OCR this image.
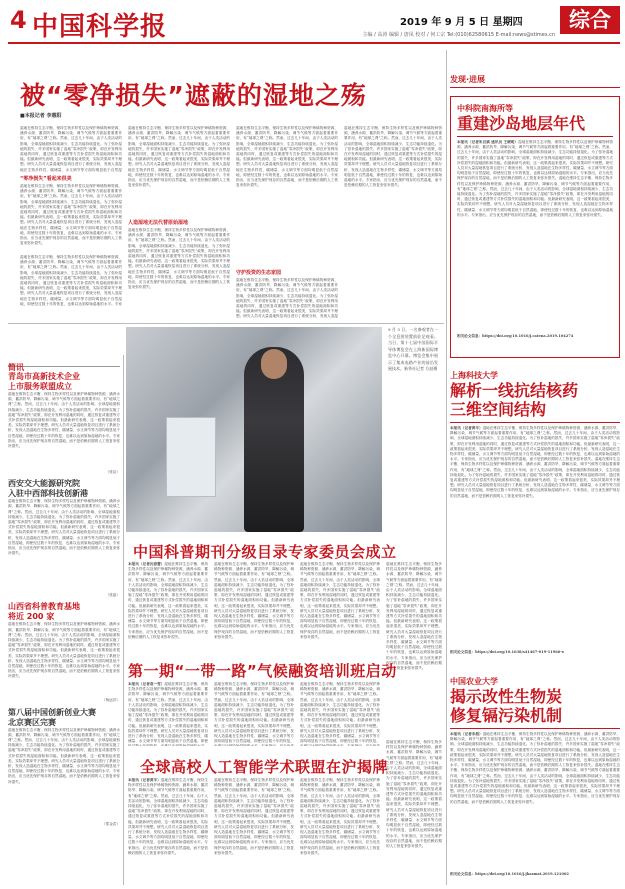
4 中国科学报	2019 年 9 月 5 日 星期四	综合
主编 / 高涛 编辑 / 唐凤 校对 / 何工宗 Tel:(010)62580615 E-mail:news@stimes.cn
被“零净损失”遮蔽的湿地之殇
■本报记者 李惠阳
湿地在维持生态平衡、保持生物多样性以及保护珍稀物种资源、涵养水源、蓄洪防旱、降解污染、调节气候等方面起着重要作用，有“地球之肾”之称。然而，过去几十年间，由于人类活动的影响，全球湿地面积持续减少，生态功能持续退化。为了弥补湿地的损失，许多国家实施了湿地“零净损失”政策，即在开发利用湿地的同时，通过恢复或重建等方式补偿损失的湿地面积和功能。但最新研究表明，这一政策看起来很美，实际效果却并不理想。研究人员对大量湿地恢复项目进行了系统分析，发现人造湿地在生物多样性、碳储量、水文调节等方面均明显低于自然湿
“零净损失”看起来很美
湿地在维持生态平衡、保持生物多样性以及保护珍稀物种资源、涵养水源、蓄洪防旱、降解污染、调节气候等方面起着重要作用，有“地球之肾”之称。然而，过去几十年间，由于人类活动的影响，全球湿地面积持续减少，生态功能持续退化。为了弥补湿地的损失，许多国家实施了湿地“零净损失”政策，即在开发利用湿地的同时，通过恢复或重建等方式补偿损失的湿地面积和功能。但最新研究表明，这一政策看起来很美，实际效果却并不理想。研究人员对大量湿地恢复项目进行了系统分析，发现人造湿地在生物多样性、碳储量、水文调节等方面均明显低于自然湿地，即使经过数十年的恢复，也难以达到原始湿地的水平。专家指出，应当优先保护现存的自然湿地，而不是依赖后期的人工恢复来弥补损失。
湿地在维持生态平衡、保持生物多样性以及保护珍稀物种资源、涵养水源、蓄洪防旱、降解污染、调节气候等方面起着重要作用，有“地球之肾”之称。然而，过去几十年间，由于人类活动的影响，全球湿地面积持续减少，生态功能持续退化。为了弥补湿地的损失，许多国家实施了湿地“零净损失”政策，即在开发利用湿地的同时，通过恢复或重建等方式补偿损失的湿地面积和功能。但最新研究表明，这一政策看起来很美，实际效果却并不理想。研究人员对大量湿地恢复项目进行了系统分析，发现人造湿地在生物多样性、碳储量、水文调节等方面均明显低于自然湿地，即使经过数十年的恢复，也难以达到原始湿地的水平。专家
湿地在维持生态平衡、保持生物多样性以及保护珍稀物种资源、涵养水源、蓄洪防旱、降解污染、调节气候等方面起着重要作用，有“地球之肾”之称。然而，过去几十年间，由于人类活动的影响，全球湿地面积持续减少，生态功能持续退化。为了弥补湿地的损失，许多国家实施了湿地“零净损失”政策，即在开发利用湿地的同时，通过恢复或重建等方式补偿损失的湿地面积和功能。但最新研究表明，这一政策看起来很美，实际效果却并不理想。研究人员对大量湿地恢复项目进行了系统分析，发现人造湿地在生物多样性、碳储量、水文调节等方面均明显低于自然湿地，即使经过数十年的恢复，也难以达到原始湿地的水平。专家指出，应当优先保护现存的自然湿地，而不是依赖后期的人工恢复来弥补损失。
人造湿地无法代替原始湿地
湿地在维持生态平衡、保持生物多样性以及保护珍稀物种资源、涵养水源、蓄洪防旱、降解污染、调节气候等方面起着重要作用，有“地球之肾”之称。然而，过去几十年间，由于人类活动的影响，全球湿地面积持续减少，生态功能持续退化。为了弥补湿地的损失，许多国家实施了湿地“零净损失”政策，即在开发利用湿地的同时，通过恢复或重建等方式补偿损失的湿地面积和功能。但最新研究表明，这一政策看起来很美，实际效果却并不理想。研究人员对大量湿地恢复项目进行了系统分析，发现人造湿地在生物多样性、碳储量、水文调节等方面均明显低于自然湿地，即使经过数十年的恢复，也难以达到原始湿地的水平。专家指出，应当优先保护现存的自然湿地，而不是依赖后期的人工恢复来弥补损失。
湿地在维持生态平衡、保持生物多样性以及保护珍稀物种资源、涵养水源、蓄洪防旱、降解污染、调节气候等方面起着重要作用，有“地球之肾”之称。然而，过去几十年间，由于人类活动的影响，全球湿地面积持续减少，生态功能持续退化。为了弥补湿地的损失，许多国家实施了湿地“零净损失”政策，即在开发利用湿地的同时，通过恢复或重建等方式补偿损失的湿地面积和功能。但最新研究表明，这一政策看起来很美，实际效果却并不理想。研究人员对大量湿地恢复项目进行了系统分析，发现人造湿地在生物多样性、碳储量、水文调节等方面均明显低于自然湿地，即使经过数十年的恢复，也难以达到原始湿地的水平。专家指出，应当优先保护现存的自然湿地，而不是依赖后期的人工恢复来弥补损失。
守护投资的生态家园
湿地在维持生态平衡、保持生物多样性以及保护珍稀物种资源、涵养水源、蓄洪防旱、降解污染、调节气候等方面起着重要作用，有“地球之肾”之称。然而，过去几十年间，由于人类活动的影响，全球湿地面积持续减少，生态功能持续退化。为了弥补湿地的损失，许多国家实施了湿地“零净损失”政策，即在开发利用湿地的同时，通过恢复或重建等方式补偿损失的湿地面积和功能。但最新研究表明，这一政策看起来很美，实际效果却并不理想。研究人员对大量湿地恢复项目进行了系统分析，发现人造湿
湿地在维持生态平衡、保持生物多样性以及保护珍稀物种资源、涵养水源、蓄洪防旱、降解污染、调节气候等方面起着重要作用，有“地球之肾”之称。然而，过去几十年间，由于人类活动的影响，全球湿地面积持续减少，生态功能持续退化。为了弥补湿地的损失，许多国家实施了湿地“零净损失”政策，即在开发利用湿地的同时，通过恢复或重建等方式补偿损失的湿地面积和功能。但最新研究表明，这一政策看起来很美，实际效果却并不理想。研究人员对大量湿地恢复项目进行了系统分析，发现人造湿地在生物多样性、碳储量、水文调节等方面均明显低于自然湿地，即使经过数十年的恢复，也难以达到原始湿地的水平。专家指出，应当优先保护现存的自然湿地，而不是依赖后期的人工恢复来弥补损失。
简讯
青岛市高新技术企业
上市服务联盟成立
湿地在维持生态平衡、保持生物多样性以及保护珍稀物种资源、涵养水源、蓄洪防旱、降解污染、调节气候等方面起着重要作用，有“地球之肾”之称。然而，过去几十年间，由于人类活动的影响，全球湿地面积持续减少，生态功能持续退化。为了弥补湿地的损失，许多国家实施了湿地“零净损失”政策，即在开发利用湿地的同时，通过恢复或重建等方式补偿损失的湿地面积和功能。但最新研究表明，这一政策看起来很美，实际效果却并不理想。研究人员对大量湿地恢复项目进行了系统分析，发现人造湿地在生物多样性、碳储量、水文调节等方面均明显低于自然湿地，即使经过数十年的恢复，也难以达到原始湿地的水平。专家指出，应当优先保护现存的自然湿地，而不是依赖后期的人工恢复来弥补损失。
（张洁）
西安交大能源研究院
入驻中西部科技创新港
湿地在维持生态平衡、保持生物多样性以及保护珍稀物种资源、涵养水源、蓄洪防旱、降解污染、调节气候等方面起着重要作用，有“地球之肾”之称。然而，过去几十年间，由于人类活动的影响，全球湿地面积持续减少，生态功能持续退化。为了弥补湿地的损失，许多国家实施了湿地“零净损失”政策，即在开发利用湿地的同时，通过恢复或重建等方式补偿损失的湿地面积和功能。但最新研究表明，这一政策看起来很美，实际效果却并不理想。研究人员对大量湿地恢复项目进行了系统分析，发现人造湿地在生物多样性、碳储量、水文调节等方面均明显低于自然湿地，即使经过数十年的恢复，也难以达到原始湿地的水平。专家指出，应当优先保护现存的自然湿地，而不是依赖后期的人工恢复来弥补损失。
（张晶）
山西省科普教育基地
将近 200 家
湿地在维持生态平衡、保持生物多样性以及保护珍稀物种资源、涵养水源、蓄洪防旱、降解污染、调节气候等方面起着重要作用，有“地球之肾”之称。然而，过去几十年间，由于人类活动的影响，全球湿地面积持续减少，生态功能持续退化。为了弥补湿地的损失，许多国家实施了湿地“零净损失”政策，即在开发利用湿地的同时，通过恢复或重建等方式补偿损失的湿地面积和功能。但最新研究表明，这一政策看起来很美，实际效果却并不理想。研究人员对大量湿地恢复项目进行了系统分析，发现人造湿地在生物多样性、碳储量、水文调节等方面均明显低于自然湿地，即使经过数十年的恢复，也难以达到原始湿地的水平。专家指出，应当优先保护现存的自然湿地，而不是依赖后期的人工恢复来弥补损失。
（杨远洋）
第八届中国创新创业大赛
北京赛区完赛
湿地在维持生态平衡、保持生物多样性以及保护珍稀物种资源、涵养水源、蓄洪防旱、降解污染、调节气候等方面起着重要作用，有“地球之肾”之称。然而，过去几十年间，由于人类活动的影响，全球湿地面积持续减少，生态功能持续退化。为了弥补湿地的损失，许多国家实施了湿地“零净损失”政策，即在开发利用湿地的同时，通过恢复或重建等方式补偿损失的湿地面积和功能。但最新研究表明，这一政策看起来很美，实际效果却并不理想。研究人员对大量湿地恢复项目进行了系统分析，发现人造湿地在生物多样性、碳储量、水文调节等方面均明显低于自然湿地，即使经过数十年的恢复，也难以达到原始湿地的水平。专家指出，应当优先保护现存的自然湿地，而不是依赖后期的人工恢复来弥补损失。
（郑金武）
9 月 3 日，一名参观者在一个全息图装置前驻足观看。当日，第十七届中国国际半导体博览会在上海新国际博览中心开幕。博览会集中展示了集成电路产业的前沿发展技术。新华社记者 方喆摄
中国科普期刊分级目录专家委员会成立
本报讯（记者沈春蕾）湿地在维持生态平衡、保持生物多样性以及保护珍稀物种资源、涵养水源、蓄洪防旱、降解污染、调节气候等方面起着重要作用，有“地球之肾”之称。然而，过去几十年间，由于人类活动的影响，全球湿地面积持续减少，生态功能持续退化。为了弥补湿地的损失，许多国家实施了湿地“零净损失”政策，即在开发利用湿地的同时，通过恢复或重建等方式补偿损失的湿地面积和功能。但最新研究表明，这一政策看起来很美，实际效果却并不理想。研究人员对大量湿地恢复项目进行了系统分析，发现人造湿地在生物多样性、碳储量、水文调节等方面均明显低于自然湿地，即使经过数十年的恢复，也难以达到原始湿地的水平。专家指出，应当优先保护现存的自然湿地，而不是依赖后期的人工恢复来弥补损失。
湿地在维持生态平衡、保持生物多样性以及保护珍稀物种资源、涵养水源、蓄洪防旱、降解污染、调节气候等方面起着重要作用，有“地球之肾”之称。然而，过去几十年间，由于人类活动的影响，全球湿地面积持续减少，生态功能持续退化。为了弥补湿地的损失，许多国家实施了湿地“零净损失”政策，即在开发利用湿地的同时，通过恢复或重建等方式补偿损失的湿地面积和功能。但最新研究表明，这一政策看起来很美，实际效果却并不理想。研究人员对大量湿地恢复项目进行了系统分析，发现人造湿地在生物多样性、碳储量、水文调节等方面均明显低于自然湿地，即使经过数十年的恢复，也难以达到原始湿地的水平。专家指出，应当优先保护现存的自然湿地，而不是依赖后期的人工恢复来弥补损失。
湿地在维持生态平衡、保持生物多样性以及保护珍稀物种资源、涵养水源、蓄洪防旱、降解污染、调节气候等方面起着重要作用，有“地球之肾”之称。然而，过去几十年间，由于人类活动的影响，全球湿地面积持续减少，生态功能持续退化。为了弥补湿地的损失，许多国家实施了湿地“零净损失”政策，即在开发利用湿地的同时，通过恢复或重建等方式补偿损失的湿地面积和功能。但最新研究表明，这一政策看起来很美，实际效果却并不理想。研究人员对大量湿地恢复项目进行了系统分析，发现人造湿地在生物多样性、碳储量、水文调节等方面均明显低于自然湿地，即使经过数十年的恢复，也难以达到原始湿地的水平。专家指出，应当优先保护现存的自然湿地，而不是依赖后期的人工恢复来弥补损失。
湿地在维持生态平衡、保持生物多样性以及保护珍稀物种资源、涵养水源、蓄洪防旱、降解污染、调节气候等方面起着重要作用，有“地球之肾”之称。然而，过去几十年间，由于人类活动的影响，全球湿地面积持续减少，生态功能持续退化。为了弥补湿地的损失，许多国家实施了湿地“零净损失”政策，即在开发利用湿地的同时，通过恢复或重建等方式补偿损失的湿地面积和功能。但最新研究表明，这一政策看起来很美，实际效果却并不理想。研究人员对大量湿地恢复项目进行了系统分析，发现人造湿地在生物多样性、碳储量、水文调节等方面均明显低于自然湿地，即使经过数十年的恢复，也难以达到原始湿地的水平。专家指出，应当优先保护现存的自然湿地，而不是依赖后期的人工恢复来弥补损失。
第一期“一带一路”气候融资培训班启动
本报讯（记者袁一雪）湿地在维持生态平衡、保持生物多样性以及保护珍稀物种资源、涵养水源、蓄洪防旱、降解污染、调节气候等方面起着重要作用，有“地球之肾”之称。然而，过去几十年间，由于人类活动的影响，全球湿地面积持续减少，生态功能持续退化。为了弥补湿地的损失，许多国家实施了湿地“零净损失”政策，即在开发利用湿地的同时，通过恢复或重建等方式补偿损失的湿地面积和功能。但最新研究表明，这一政策看起来很美，实际效果却并不理想。研究人员对大量湿地恢复项目进行了系统分析，发现人造湿地在生物多样性、碳储量、水文调节等方面均明显低于自然湿地，即使
湿地在维持生态平衡、保持生物多样性以及保护珍稀物种资源、涵养水源、蓄洪防旱、降解污染、调节气候等方面起着重要作用，有“地球之肾”之称。然而，过去几十年间，由于人类活动的影响，全球湿地面积持续减少，生态功能持续退化。为了弥补湿地的损失，许多国家实施了湿地“零净损失”政策，即在开发利用湿地的同时，通过恢复或重建等方式补偿损失的湿地面积和功能。但最新研究表明，这一政策看起来很美，实际效果却并不理想。研究人员对大量湿地恢复项目进行了系统分析，发现人造湿地在生物多样性、碳储量、水文调节等方面均明显低于自然湿地，即使经过数十年的恢复，
湿地在维持生态平衡、保持生物多样性以及保护珍稀物种资源、涵养水源、蓄洪防旱、降解污染、调节气候等方面起着重要作用，有“地球之肾”之称。然而，过去几十年间，由于人类活动的影响，全球湿地面积持续减少，生态功能持续退化。为了弥补湿地的损失，许多国家实施了湿地“零净损失”政策，即在开发利用湿地的同时，通过恢复或重建等方式补偿损失的湿地面积和功能。但最新研究表明，这一政策看起来很美，实际效果却并不理想。研究人员对大量湿地恢复项目进行了系统分析，发现人造湿地在生物多样性、碳储量、水文调节等方面均明显低于自然湿地，即使经过数十年的恢复，
全球高校人工智能学术联盟在沪揭牌
本报讯（记者黄辛）湿地在维持生态平衡、保持生物多样性以及保护珍稀物种资源、涵养水源、蓄洪防旱、降解污染、调节气候等方面起着重要作用，有“地球之肾”之称。然而，过去几十年间，由于人类活动的影响，全球湿地面积持续减少，生态功能持续退化。为了弥补湿地的损失，许多国家实施了湿地“零净损失”政策，即在开发利用湿地的同时，通过恢复或重建等方式补偿损失的湿地面积和功能。但最新研究表明，这一政策看起来很美，实际效果却并不理想。研究人员对大量湿地恢复项目进行了系统分析，发现人造湿地在生物多样性、碳储量、水文调节等方面均明显低于自然湿地，即使经过数十年的恢复，也难以达到原始湿地的水平。专家指出，应当优先保护现存的自然湿地，而不是依赖后期的人工恢复来弥补损失。
湿地在维持生态平衡、保持生物多样性以及保护珍稀物种资源、涵养水源、蓄洪防旱、降解污染、调节气候等方面起着重要作用，有“地球之肾”之称。然而，过去几十年间，由于人类活动的影响，全球湿地面积持续减少，生态功能持续退化。为了弥补湿地的损失，许多国家实施了湿地“零净损失”政策，即在开发利用湿地的同时，通过恢复或重建等方式补偿损失的湿地面积和功能。但最新研究表明，这一政策看起来很美，实际效果却并不理想。研究人员对大量湿地恢复项目进行了系统分析，发现人造湿地在生物多样性、碳储量、水文调节等方面均明显低于自然湿地，即使经过数十年的恢复，也难以达到原始湿地的水平。专家指出，应当优先保护现存的自然湿地，而不是依赖后期的人工恢复来弥补损失。
湿地在维持生态平衡、保持生物多样性以及保护珍稀物种资源、涵养水源、蓄洪防旱、降解污染、调节气候等方面起着重要作用，有“地球之肾”之称。然而，过去几十年间，由于人类活动的影响，全球湿地面积持续减少，生态功能持续退化。为了弥补湿地的损失，许多国家实施了湿地“零净损失”政策，即在开发利用湿地的同时，通过恢复或重建等方式补偿损失的湿地面积和功能。但最新研究表明，这一政策看起来很美，实际效果却并不理想。研究人员对大量湿地恢复项目进行了系统分析，发现人造湿地在生物多样性、碳储量、水文调节等方面均明显低于自然湿地，即使经过数十年的恢复，也难以达到原始湿地的水平。专家指出，应当优先保护现存的自然湿地，而不是依赖后期的人工恢复来弥补损失。
湿地在维持生态平衡、保持生物多样性以及保护珍稀物种资源、涵养水源、蓄洪防旱、降解污染、调节气候等方面起着重要作用，有“地球之肾”之称。然而，过去几十年间，由于人类活动的影响，全球湿地面积持续减少，生态功能持续退化。为了弥补湿地的损失，许多国家实施了湿地“零净损失”政策，即在开发利用湿地的同时，通过恢复或重建等方式补偿损失的湿地面积和功能。但最新研究表明，这一政策看起来很美，实际效果却并不理想。研究人员对大量湿地恢复项目进行了系统分析，发现人造湿地在生物多样性、碳储量、水文调节等方面均明显低于自然湿地，即使经过数十年的恢复，也难以达到原始湿地的水平。专家指出，应当优先保护现存的自然湿地，而不是依赖后期的人工恢复来弥补损失。
发现·进展
中科院南海所等
重建沙岛地层年代
本报讯（记者朱汉斌 通讯员 王晓明）湿地在维持生态平衡、保持生物多样性以及保护珍稀物种资源、涵养水源、蓄洪防旱、降解污染、调节气候等方面起着重要作用，有“地球之肾”之称。然而，过去几十年间，由于人类活动的影响，全球湿地面积持续减少，生态功能持续退化。为了弥补湿地的损失，许多国家实施了湿地“零净损失”政策，即在开发利用湿地的同时，通过恢复或重建等方式补偿损失的湿地面积和功能。但最新研究表明，这一政策看起来很美，实际效果却并不理想。研究人员对大量湿地恢复项目进行了系统分析，发现人造湿地在生物多样性、碳储量、水文调节等方面均明显低于自然湿地，即使经过数十年的恢复，也难以达到原始湿地的水平。专家指出，应当优先保护现存的自然湿地，而不是依赖后期的人工恢复来弥补损失。湿地在维持生态平衡、保持生物多样性以及保护珍稀物种资源、涵养水源、蓄洪防旱、降解污染、调节气候等方面起着重要作用，有“地球之肾”之称。然而，过去几十年间，由于人类活动的影响，全球湿地面积持续减少，生态功能持续退化。为了弥补湿地的损失，许多国家实施了湿地“零净损失”政策，即在开发利用湿地的同时，通过恢复或重建等方式补偿损失的湿地面积和功能。但最新研究表明，这一政策看起来很美，实际效果却并不理想。研究人员对大量湿地恢复项目进行了系统分析，发现人造湿地在生物多样性、碳储量、水文调节等方面均明显低于自然湿地，即使经过数十年的恢复，也难以达到原始湿地的水平。专家指出，应当优先保护现存的自然湿地，而不是依赖后期的人工恢复来弥补损失。
相关论文信息：https://doi.org/10.1016/j.catena.2019.104274
上海科技大学
解析一线抗结核药
三维空间结构
本报讯（记者黄辛）湿地在维持生态平衡、保持生物多样性以及保护珍稀物种资源、涵养水源、蓄洪防旱、降解污染、调节气候等方面起着重要作用，有“地球之肾”之称。然而，过去几十年间，由于人类活动的影响，全球湿地面积持续减少，生态功能持续退化。为了弥补湿地的损失，许多国家实施了湿地“零净损失”政策，即在开发利用湿地的同时，通过恢复或重建等方式补偿损失的湿地面积和功能。但最新研究表明，这一政策看起来很美，实际效果却并不理想。研究人员对大量湿地恢复项目进行了系统分析，发现人造湿地在生物多样性、碳储量、水文调节等方面均明显低于自然湿地，即使经过数十年的恢复，也难以达到原始湿地的水平。专家指出，应当优先保护现存的自然湿地，而不是依赖后期的人工恢复来弥补损失。湿地在维持生态平衡、保持生物多样性以及保护珍稀物种资源、涵养水源、蓄洪防旱、降解污染、调节气候等方面起着重要作用，有“地球之肾”之称。然而，过去几十年间，由于人类活动的影响，全球湿地面积持续减少，生态功能持续退化。为了弥补湿地的损失，许多国家实施了湿地“零净损失”政策，即在开发利用湿地的同时，通过恢复或重建等方式补偿损失的湿地面积和功能。但最新研究表明，这一政策看起来很美，实际效果却并不理想。研究人员对大量湿地恢复项目进行了系统分析，发现人造湿地在生物多样性、碳储量、水文调节等方面均明显低于自然湿地，即使经过数十年的恢复，也难以达到原始湿地的水平。专家指出，应当优先保护现存的自然湿地，而不是依赖后期的人工恢复来弥补损失。
相关论文信息：https://doi.org/10.1038/s41467-019-11966-x
中国农业大学
揭示改性生物炭
修复镉污染机制
本报讯（记者李晨）湿地在维持生态平衡、保持生物多样性以及保护珍稀物种资源、涵养水源、蓄洪防旱、降解污染、调节气候等方面起着重要作用，有“地球之肾”之称。然而，过去几十年间，由于人类活动的影响，全球湿地面积持续减少，生态功能持续退化。为了弥补湿地的损失，许多国家实施了湿地“零净损失”政策，即在开发利用湿地的同时，通过恢复或重建等方式补偿损失的湿地面积和功能。但最新研究表明，这一政策看起来很美，实际效果却并不理想。研究人员对大量湿地恢复项目进行了系统分析，发现人造湿地在生物多样性、碳储量、水文调节等方面均明显低于自然湿地，即使经过数十年的恢复，也难以达到原始湿地的水平。专家指出，应当优先保护现存的自然湿地，而不是依赖后期的人工恢复来弥补损失。湿地在维持生态平衡、保持生物多样性以及保护珍稀物种资源、涵养水源、蓄洪防旱、降解污染、调节气候等方面起着重要作用，有“地球之肾”之称。然而，过去几十年间，由于人类活动的影响，全球湿地面积持续减少，生态功能持续退化。为了弥补湿地的损失，许多国家实施了湿地“零净损失”政策，即在开发利用湿地的同时，通过恢复或重建等方式补偿损失的湿地面积和功能。但最新研究表明，这一政策看起来很美，实际效果却并不理想。研究人员对大量湿地恢复项目进行了系统分析，发现人造湿地在生物多样性、碳储量、水文调节等方面均明显低于自然湿地，即使经过数十年的恢复，也难以达到原始湿地的水平。专家指出，应当优先保护现存的自然湿地，而不是依赖后期的人工恢复来弥补损失。
相关论文信息：https://doi.org/10.1016/j.jhazmat.2019.121002
